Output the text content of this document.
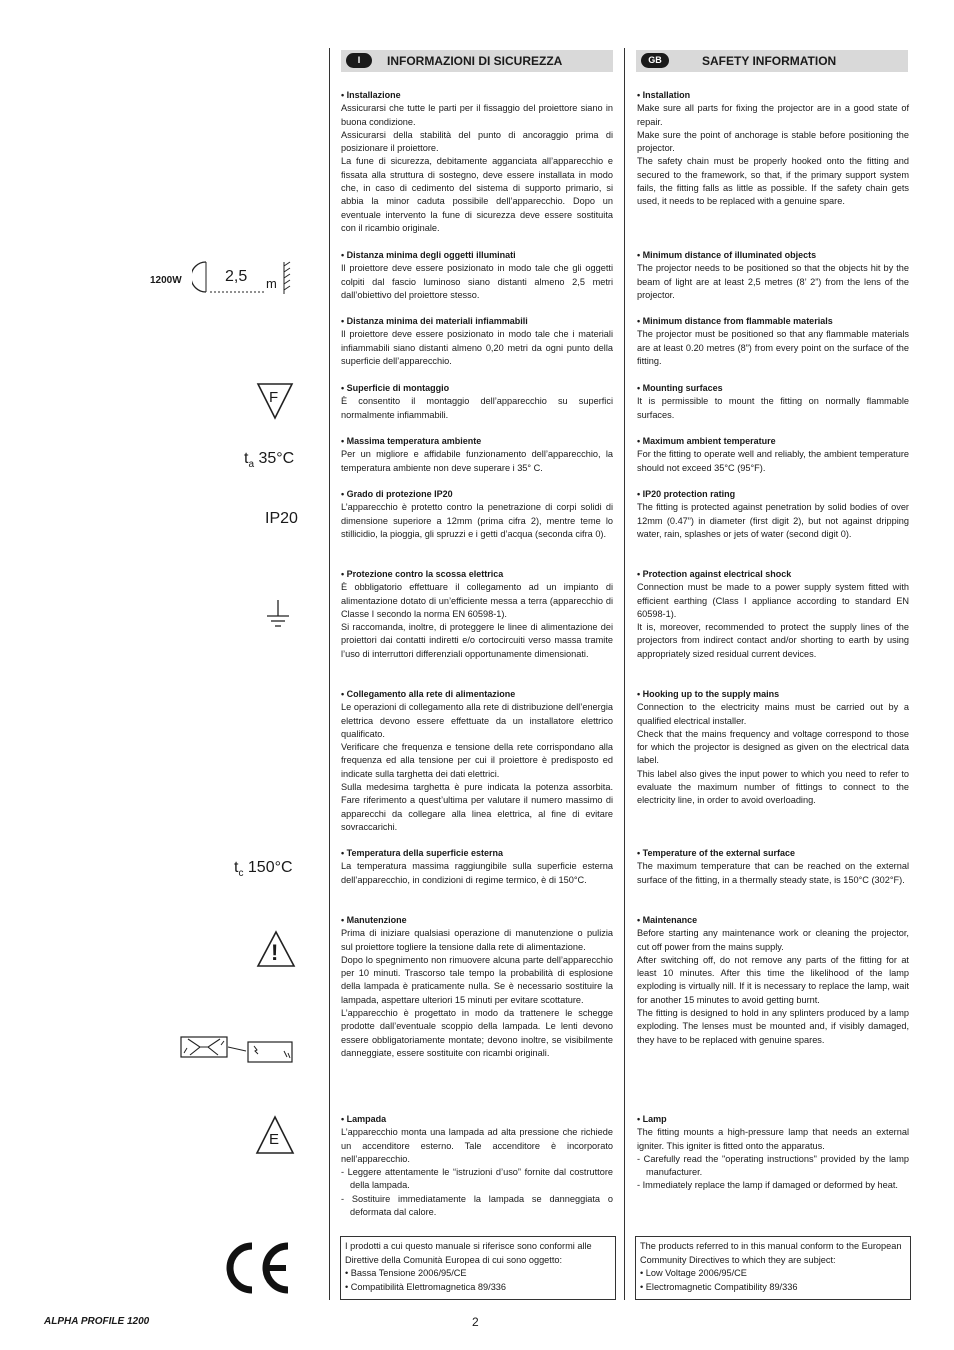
I	INFORMAZIONI DI SICUREZZA	GB	SAFETY INFORMATION
• Installazione

Assicurarsi che tutte le parti per il fissaggio del proiettore siano in buona condizione.

Assicurarsi della stabilità del punto di ancoraggio prima di posizionare il proiettore.

La fune di sicurezza, debitamente agganciata all’apparecchio e fissata alla struttura di sostegno, deve essere installata in modo che, in caso di cedimento del sistema di supporto primario, si abbia la minor caduta possibile dell’apparecchio. Dopo un eventuale intervento la fune di sicurezza deve essere sostituita con il ricambio originale.

• Distanza minima degli oggetti illuminati

Il proiettore deve essere posizionato in modo tale che gli oggetti colpiti dal fascio luminoso siano distanti almeno 2,5 metri dall’obiettivo del proiettore stesso.

• Distanza minima dei materiali infiammabili

Il proiettore deve essere posizionato in modo tale che i materiali infiammabili siano distanti almeno 0,20 metri da ogni punto della superficie dell’apparecchio.

• Superficie di montaggio

È consentito il montaggio dell’apparecchio su superfici normalmente infiammabili.

• Massima temperatura ambiente

Per un migliore e affidabile funzionamento dell’apparecchio, la temperatura ambiente non deve superare i 35° C.

• Grado di protezione IP20

L’apparecchio è protetto contro la penetrazione di corpi solidi di dimensione superiore a 12mm (prima cifra 2), mentre teme lo stillicidio, la pioggia, gli spruzzi e i getti d’acqua (seconda cifra 0).

• Protezione contro la scossa elettrica

È obbligatorio effettuare il collegamento ad un impianto di alimentazione dotato di un’efficiente messa a terra (apparecchio di Classe I secondo la norma EN 60598-1).

Si raccomanda, inoltre, di proteggere le linee di alimentazione dei proiettori dai contatti indiretti e/o cortocircuiti verso massa tramite l’uso di interruttori differenziali opportunamente dimensionati.

• Collegamento alla rete di alimentazione

Le operazioni di collegamento alla rete di distribuzione dell’energia elettrica devono essere effettuate da un installatore elettrico qualificato.

Verificare che frequenza e tensione della rete corrispondano alla frequenza ed alla tensione per cui il proiettore è predisposto ed indicate sulla targhetta dei dati elettrici.

Sulla medesima targhetta è pure indicata la potenza assorbita. Fare riferimento a quest’ultima per valutare il numero massimo di apparecchi da collegare alla linea elettrica, al fine di evitare sovraccarichi.

• Temperatura della superficie esterna

La temperatura massima raggiungibile sulla superficie esterna dell’apparecchio, in condizioni di regime termico, è di 150°C.

• Manutenzione

Prima di iniziare qualsiasi operazione di manutenzione o pulizia sul proiettore togliere la tensione dalla rete di alimentazione.

Dopo lo spegnimento non rimuovere alcuna parte dell’apparecchio per 10 minuti. Trascorso tale tempo la probabilità di esplosione della lampada è praticamente nulla. Se è necessario sostituire la lampada, aspettare ulteriori 15 minuti per evitare scottature.

L’apparecchio è progettato in modo da trattenere le schegge prodotte dall’eventuale scoppio della lampada. Le lenti devono essere obbligatoriamente montate; devono inoltre, se visibilmente danneggiate, essere sostituite con ricambi originali.

• Lampada

L’apparecchio monta una lampada ad alta pressione che richiede un accenditore esterno. Tale accenditore è incorporato nell’apparecchio.

- Leggere attentamente le “istruzioni d’uso” fornite dal costruttore della lampada.

- Sostituire immediatamente la lampada se danneggiata o deformata dal calore.

• Installation

Make sure all parts for fixing the projector are in a good state of repair.

Make sure the point of anchorage is stable before positioning the projector.

The safety chain must be properly hooked onto the fitting and secured to the framework, so that, if the primary support system fails, the fitting falls as little as possible. If the safety chain gets used, it needs to be replaced with a genuine spare.

• Minimum distance of illuminated objects

The projector needs to be positioned so that the objects hit by the beam of light are at least 2,5 metres (8’ 2”) from the lens of the projector.

• Minimum distance from flammable materials

The projector must be positioned so that any flammable materials are at least 0.20 metres (8”) from every point on the surface of the fitting.

• Mounting surfaces

It is permissible to mount the fitting on normally flammable surfaces.

• Maximum ambient temperature

For the fitting to operate well and reliably, the ambient temperature should not exceed 35°C (95°F).

• IP20 protection rating

The fitting is protected against penetration by solid bodies of over 12mm (0.47”) in diameter (first digit 2), but not against dripping water, rain, splashes or jets of water (second digit 0).

• Protection against electrical shock

Connection must be made to a power supply system fitted with efficient earthing (Class I appliance according to standard EN 60598-1).

It is, moreover, recommended to protect the supply lines of the projectors from indirect contact and/or shorting to earth by using appropriately sized residual current devices.

• Hooking up to the supply mains

Connection to the electricity mains must be carried out by a qualified electrical installer.

Check that the mains frequency and voltage correspond to those for which the projector is designed as given on the electrical data label.

This label also gives the input power to which you need to refer to evaluate the maximum number of fittings to connect to the electricity line, in order to avoid overloading.

• Temperature of the external surface

The maximum temperature that can be reached on the external surface of the fitting, in a thermally steady state, is 150°C (302°F).

• Maintenance

Before starting any maintenance work or cleaning the projector, cut off power from the mains supply.

After switching off, do not remove any parts of the fitting for at least 10 minutes. After this time the likelihood of the lamp exploding is virtually nill. If it is necessary to replace the lamp, wait for another 15 minutes to avoid getting burnt.

The fitting is designed to hold in any splinters produced by a lamp exploding. The lenses must be mounted and, if visibly damaged, they have to be replaced with genuine spares.

• Lamp

The fitting mounts a high-pressure lamp that needs an external igniter. This igniter is fitted onto the apparatus.

- Carefully read the "operating instructions" provided by the lamp manufacturer.

- Immediately replace the lamp if damaged or deformed by heat.

I prodotti a cui questo manuale si riferisce sono conformi alle Direttive della Comunità Europea di cui sono oggetto:
• Bassa Tensione 2006/95/CE
• Compatibilità Elettromagnetica 89/336
The products referred to in this manual conform to the European Community Directives to which they are subject:
• Low Voltage 2006/95/CE
• Electromagnetic Compatibility 89/336
1200W	2,5 m
F
$t_a$ 35°C
IP20
$t_c$ 150°C
!
E
ALPHA PROFILE 1200	2
